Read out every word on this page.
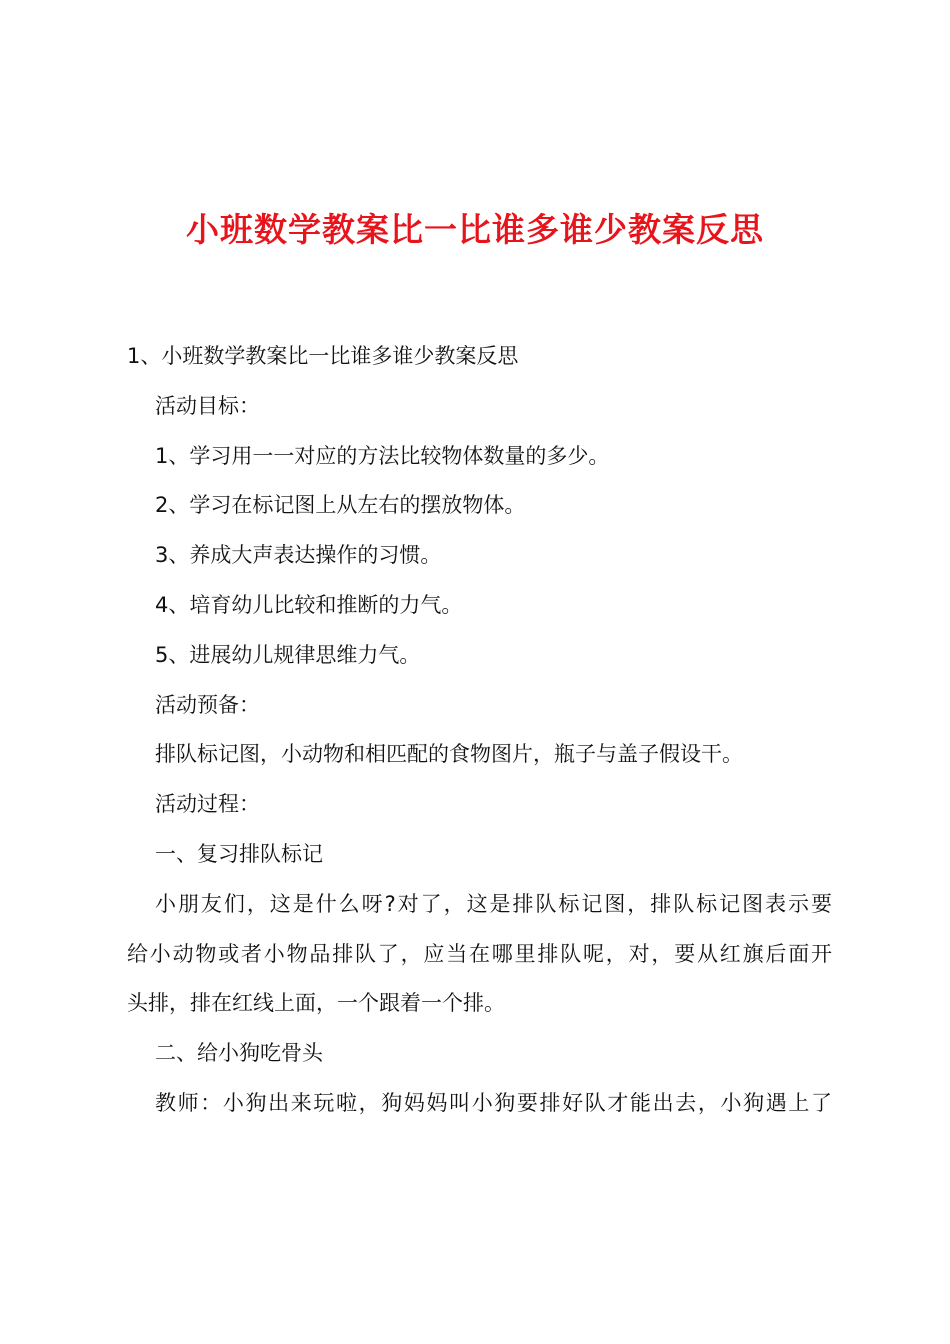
小班数学教案比一比谁多谁少教案反思

1、小班数学教案比一比谁多谁少教案反思

活动目标：

1、学习用一一对应的方法比较物体数量的多少。

2、学习在标记图上从左右的摆放物体。

3、养成大声表达操作的习惯。

4、培育幼儿比较和推断的力气。

5、进展幼儿规律思维力气。

活动预备：

排队标记图，小动物和相匹配的食物图片，瓶子与盖子假设干。

活动过程：

一、复习排队标记

小朋友们，这是什么呀?对了，这是排队标记图，排队标记图表示要

给小动物或者小物品排队了，应当在哪里排队呢，对，要从红旗后面开

头排，排在红线上面，一个跟着一个排。

二、给小狗吃骨头

教师：小狗出来玩啦，狗妈妈叫小狗要排好队才能出去，小狗遇上了
